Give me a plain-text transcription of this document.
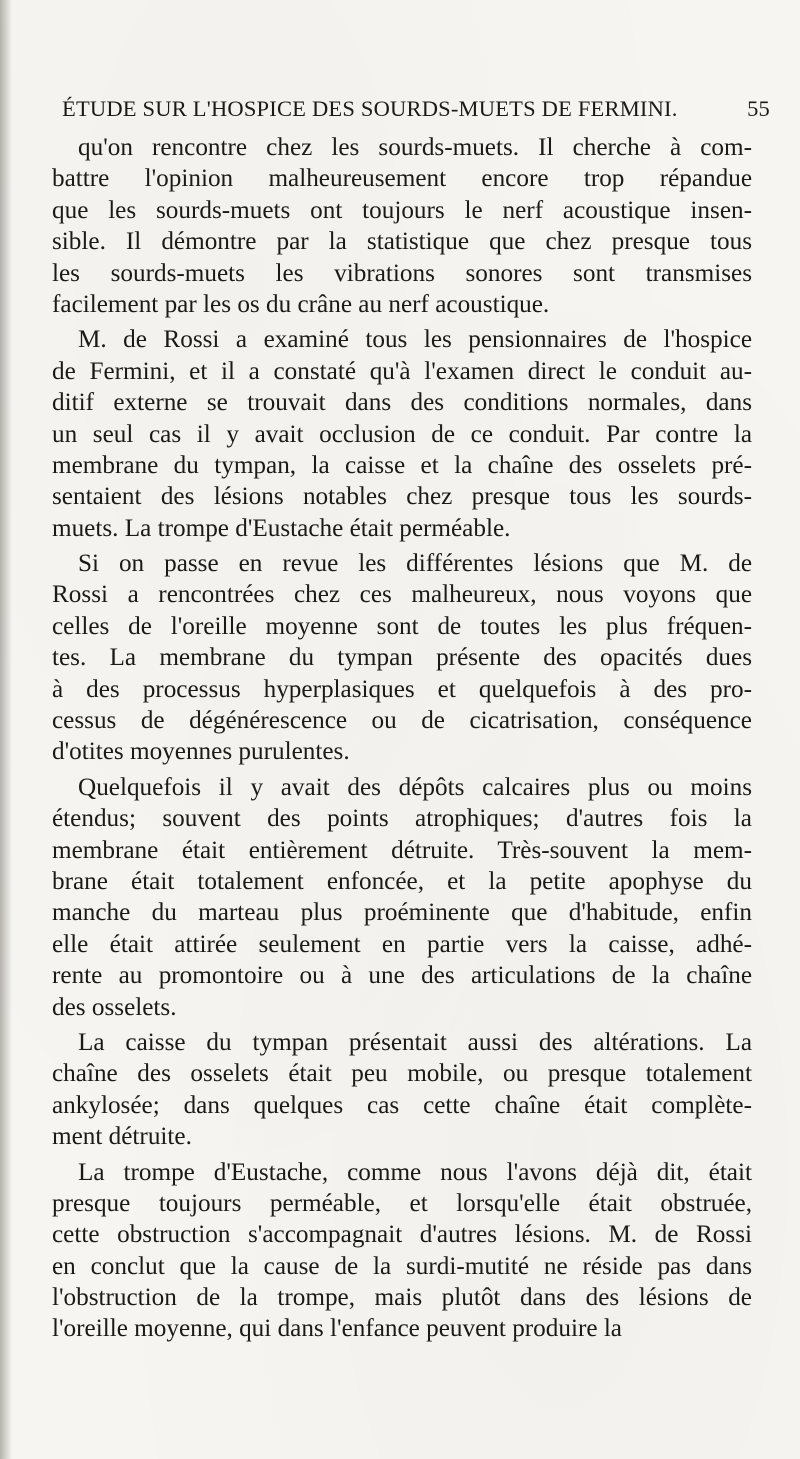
ÉTUDE SUR L'HOSPICE DES SOURDS-MUETS DE FERMINI.	55
qu'on rencontre chez les sourds-muets. Il cherche à com-
battre l'opinion malheureusement encore trop répandue
que les sourds-muets ont toujours le nerf acoustique insen-
sible. Il démontre par la statistique que chez presque tous
les sourds-muets les vibrations sonores sont transmises
facilement par les os du crâne au nerf acoustique.
M. de Rossi a examiné tous les pensionnaires de l'hospice
de Fermini, et il a constaté qu'à l'examen direct le conduit au-
ditif externe se trouvait dans des conditions normales, dans
un seul cas il y avait occlusion de ce conduit. Par contre la
membrane du tympan, la caisse et la chaîne des osselets pré-
sentaient des lésions notables chez presque tous les sourds-
muets. La trompe d'Eustache était perméable.
Si on passe en revue les différentes lésions que M. de
Rossi a rencontrées chez ces malheureux, nous voyons que
celles de l'oreille moyenne sont de toutes les plus fréquen-
tes. La membrane du tympan présente des opacités dues
à des processus hyperplasiques et quelquefois à des pro-
cessus de dégénérescence ou de cicatrisation, conséquence
d'otites moyennes purulentes.
Quelquefois il y avait des dépôts calcaires plus ou moins
étendus; souvent des points atrophiques; d'autres fois la
membrane était entièrement détruite. Très-souvent la mem-
brane était totalement enfoncée, et la petite apophyse du
manche du marteau plus proéminente que d'habitude, enfin
elle était attirée seulement en partie vers la caisse, adhé-
rente au promontoire ou à une des articulations de la chaîne
des osselets.
La caisse du tympan présentait aussi des altérations. La
chaîne des osselets était peu mobile, ou presque totalement
ankylosée; dans quelques cas cette chaîne était complète-
ment détruite.
La trompe d'Eustache, comme nous l'avons déjà dit, était
presque toujours perméable, et lorsqu'elle était obstruée,
cette obstruction s'accompagnait d'autres lésions. M. de Rossi
en conclut que la cause de la surdi-mutité ne réside pas dans
l'obstruction de la trompe, mais plutôt dans des lésions de
l'oreille moyenne, qui dans l'enfance peuvent produire la
